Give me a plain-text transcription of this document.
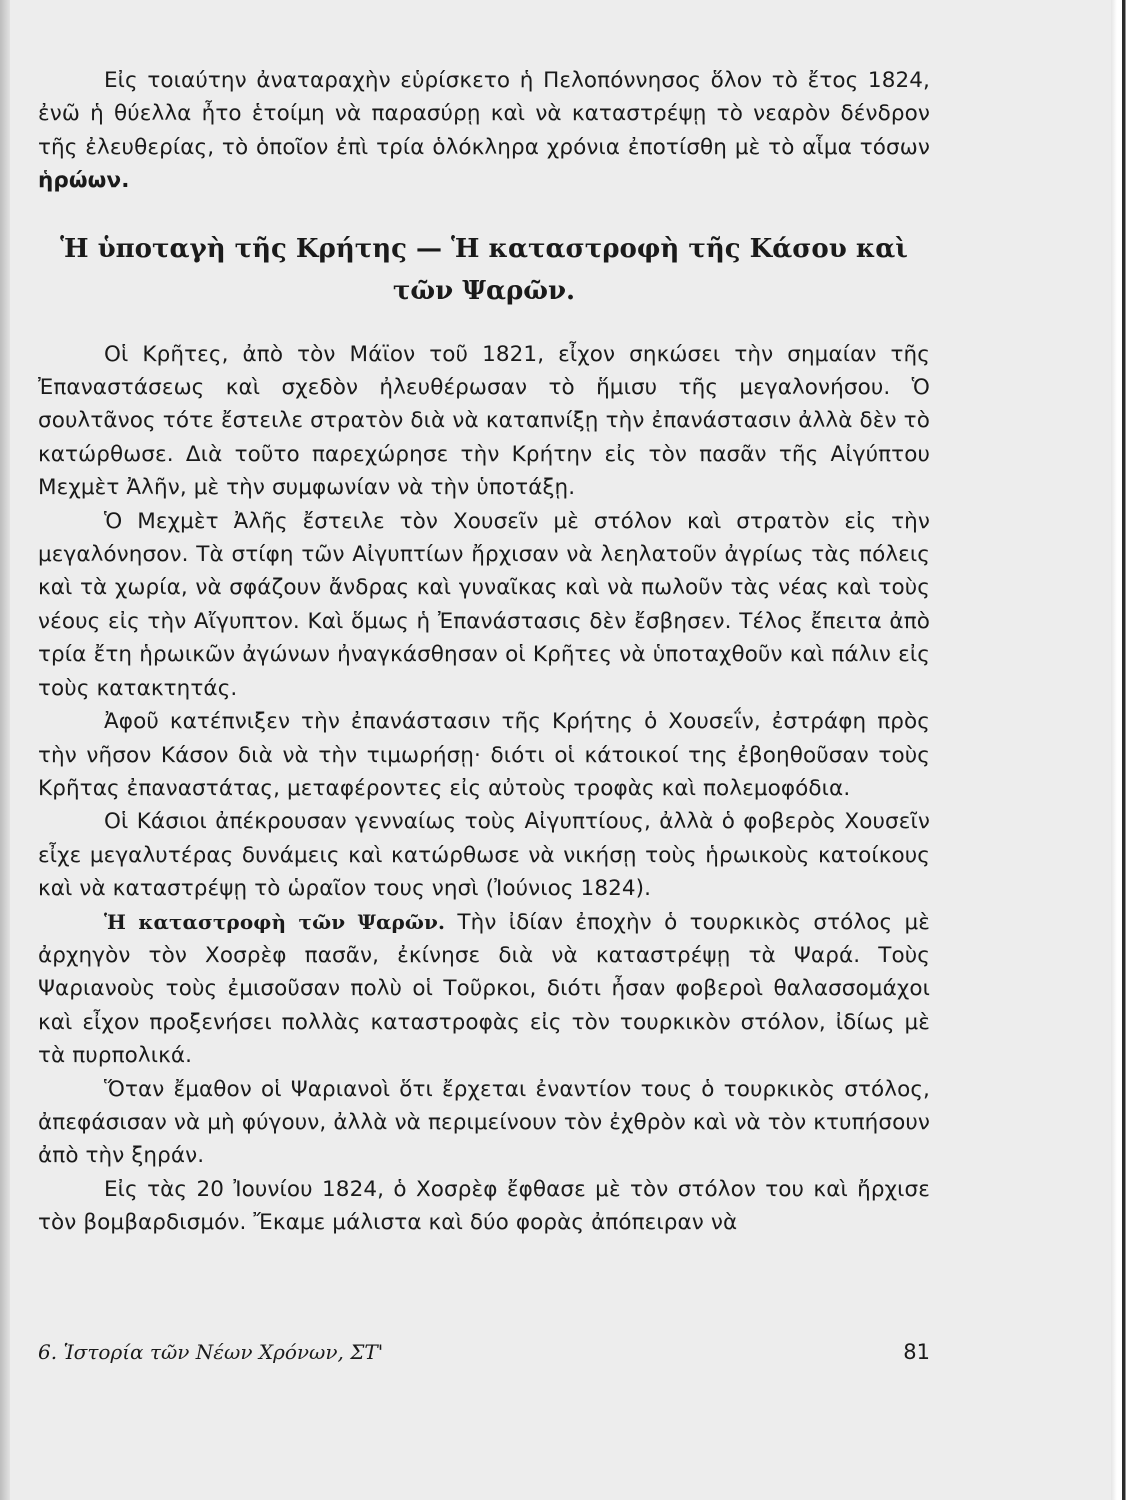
Εἰς τοιαύτην ἀναταραχὴν εὑρίσκετο ἡ Πελοπόννησος ὅλον τὸ ἔτος 1824, ἐνῶ ἡ θύελλα ἦτο ἑτοίμη νὰ παρασύρῃ καὶ νὰ καταστρέψῃ τὸ νεαρὸν δένδρον τῆς ἐλευθερίας, τὸ ὁποῖον ἐπὶ τρία ὁλόκληρα χρόνια ἐποτίσθη μὲ τὸ αἷμα τόσων ἡρώων.

Ἡ ὑποταγὴ τῆς Κρήτης — Ἡ καταστροφὴ τῆς Κάσου καὶ τῶν Ψαρῶν.

Οἱ Κρῆτες, ἀπὸ τὸν Μάϊον τοῦ 1821, εἶχον σηκώσει τὴν σημαίαν τῆς Ἐπαναστάσεως καὶ σχεδὸν ἠλευθέρωσαν τὸ ἥμισυ τῆς μεγαλονήσου. Ὁ σουλτᾶνος τότε ἔστειλε στρατὸν διὰ νὰ καταπνίξῃ τὴν ἐπανάστασιν ἀλλὰ δὲν τὸ κατώρθωσε. Διὰ τοῦτο παρεχώρησε τὴν Κρήτην εἰς τὸν πασᾶν τῆς Αἰγύπτου Μεχμὲτ Ἀλῆν, μὲ τὴν συμφωνίαν νὰ τὴν ὑποτάξῃ.

Ὁ Μεχμὲτ Ἀλῆς ἔστειλε τὸν Χουσεῖν μὲ στόλον καὶ στρατὸν εἰς τὴν μεγαλόνησον. Τὰ στίφη τῶν Αἰγυπτίων ἤρχισαν νὰ λεηλατοῦν ἀγρίως τὰς πόλεις καὶ τὰ χωρία, νὰ σφάζουν ἄνδρας καὶ γυναῖκας καὶ νὰ πωλοῦν τὰς νέας καὶ τοὺς νέους εἰς τὴν Αἴγυπτον. Καὶ ὅμως ἡ Ἐπανάστασις δὲν ἔσβησεν. Τέλος ἔπειτα ἀπὸ τρία ἔτη ἡρωικῶν ἀγώνων ἠναγκάσθησαν οἱ Κρῆτες νὰ ὑποταχθοῦν καὶ πάλιν εἰς τοὺς κατακτητάς.

Ἀφοῦ κατέπνιξεν τὴν ἐπανάστασιν τῆς Κρήτης ὁ Χουσεΐν, ἐστράφη πρὸς τὴν νῆσον Κάσον διὰ νὰ τὴν τιμωρήσῃ· διότι οἱ κάτοικοί της ἐβοηθοῦσαν τοὺς Κρῆτας ἐπαναστάτας, μεταφέροντες εἰς αὐτοὺς τροφὰς καὶ πολεμοφόδια.

Οἱ Κάσιοι ἀπέκρουσαν γενναίως τοὺς Αἰγυπτίους, ἀλλὰ ὁ φοβερὸς Χουσεῖν εἶχε μεγαλυτέρας δυνάμεις καὶ κατώρθωσε νὰ νικήσῃ τοὺς ἡρωικοὺς κατοίκους καὶ νὰ καταστρέψῃ τὸ ὡραῖον τους νησὶ (Ἰούνιος 1824).

Ἡ καταστροφὴ τῶν Ψαρῶν. Τὴν ἰδίαν ἐποχὴν ὁ τουρκικὸς στόλος μὲ ἀρχηγὸν τὸν Χοσρὲφ πασᾶν, ἐκίνησε διὰ νὰ καταστρέψῃ τὰ Ψαρά. Τοὺς Ψαριανοὺς τοὺς ἐμισοῦσαν πολὺ οἱ Τοῦρκοι, διότι ἦσαν φοβεροὶ θαλασσομάχοι καὶ εἶχον προξενήσει πολλὰς καταστροφὰς εἰς τὸν τουρκικὸν στόλον, ἰδίως μὲ τὰ πυρπολικά.

Ὅταν ἔμαθον οἱ Ψαριανοὶ ὅτι ἔρχεται ἐναντίον τους ὁ τουρκικὸς στόλος, ἀπεφάσισαν νὰ μὴ φύγουν, ἀλλὰ νὰ περιμείνουν τὸν ἐχθρὸν καὶ νὰ τὸν κτυπήσουν ἀπὸ τὴν ξηράν.

Εἰς τὰς 20 Ἰουνίου 1824, ὁ Χοσρὲφ ἔφθασε μὲ τὸν στόλον του καὶ ἤρχισε τὸν βομβαρδισμόν. Ἔκαμε μάλιστα καὶ δύο φορὰς ἀπόπειραν νὰ

6. Ἱστορία τῶν Νέων Χρόνων, ΣΤ'	81
